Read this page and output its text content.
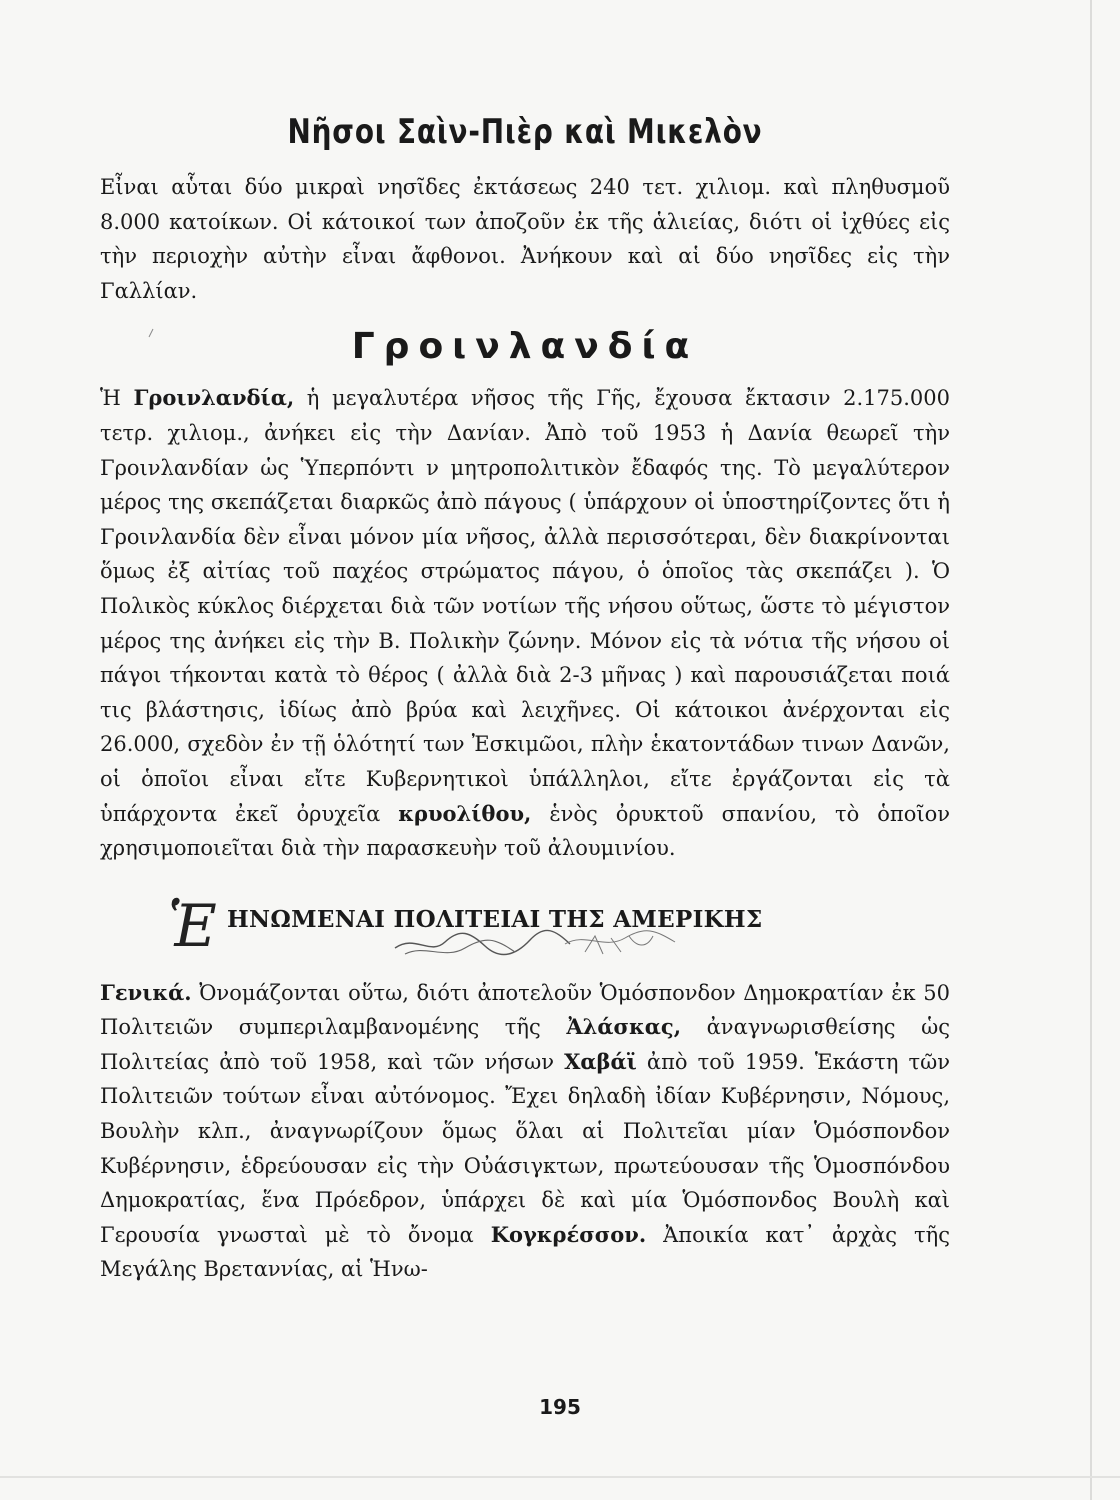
Νῆσοι Σαὶν-Πιὲρ καὶ Μικελὸν

Εἶναι αὗται δύο μικραὶ νησῖδες ἐκτάσεως 240 τετ. χιλιομ. καὶ πληθυσμοῦ 8.000 κατοίκων. Οἱ κάτοικοί των ἀποζοῦν ἐκ τῆς ἁλιείας, διότι οἱ ἰχθύες εἰς τὴν περιοχὴν αὐτὴν εἶναι ἄφθονοι. Ἀνήκουν καὶ αἱ δύο νησῖδες εἰς τὴν Γαλλίαν.

Γροινλανδία

Ἡ Γροινλανδία, ἡ μεγαλυτέρα νῆσος τῆς Γῆς, ἔχουσα ἔκτασιν 2.175.000 τετρ. χιλιομ., ἀνήκει εἰς τὴν Δανίαν. Ἀπὸ τοῦ 1953 ἡ Δανία θεωρεῖ τὴν Γροινλανδίαν ὡς Ὑπερπόντι ν μητροπολιτικὸν ἔδαφός της. Τὸ μεγαλύτερον μέρος της σκεπάζεται διαρκῶς ἀπὸ πάγους ( ὑπάρχουν οἱ ὑποστηρίζοντες ὅτι ἡ Γροινλανδία δὲν εἶναι μόνον μία νῆσος, ἀλλὰ περισσότεραι, δὲν διακρίνονται ὅμως ἐξ αἰτίας τοῦ παχέος στρώματος πάγου, ὁ ὁποῖος τὰς σκεπάζει ). Ὁ Πολικὸς κύκλος διέρχεται διὰ τῶν νοτίων τῆς νήσου οὕτως, ὥστε τὸ μέγιστον μέρος της ἀνήκει εἰς τὴν Β. Πολικὴν ζώνην. Μόνον εἰς τὰ νότια τῆς νήσου οἱ πάγοι τήκονται κατὰ τὸ θέρος ( ἀλλὰ διὰ 2-3 μῆνας ) καὶ παρουσιάζεται ποιά τις βλάστησις, ἰδίως ἀπὸ βρύα καὶ λειχῆνες. Οἱ κάτοικοι ἀνέρχονται εἰς 26.000, σχεδὸν ἐν τῇ ὁλότητί των Ἐσκιμῶοι, πλὴν ἑκατοντάδων τινων Δανῶν, οἱ ὁποῖοι εἶναι εἴτε Κυβερνητικοὶ ὑπάλληλοι, εἴτε ἐργάζονται εἰς τὰ ὑπάρχοντα ἐκεῖ ὀρυχεῖα κρυολίθου, ἑνὸς ὀρυκτοῦ σπανίου, τὸ ὁποῖον χρησιμοποιεῖται διὰ τὴν παρασκευὴν τοῦ ἀλουμινίου.

Ἑ ΗΝΩΜΕΝΑΙ ΠΟΛΙΤΕΙΑΙ ΤΗΣ ΑΜΕΡΙΚΗΣ

Γενικά. Ὀνομάζονται οὕτω, διότι ἀποτελοῦν Ὁμόσπονδον Δημοκρατίαν ἐκ 50 Πολιτειῶν συμπεριλαμβανομένης τῆς Ἀλάσκας, ἀναγνωρισθείσης ὡς Πολιτείας ἀπὸ τοῦ 1958, καὶ τῶν νήσων Χαβάϊ ἀπὸ τοῦ 1959. Ἑκάστη τῶν Πολιτειῶν τούτων εἶναι αὐτόνομος. Ἔχει δηλαδὴ ἰδίαν Κυβέρνησιν, Νόμους, Βουλὴν κλπ., ἀναγνωρίζουν ὅμως ὅλαι αἱ Πολιτεῖαι μίαν Ὁμόσπονδον Κυβέρνησιν, ἑδρεύουσαν εἰς τὴν Οὐάσιγκτων, πρωτεύουσαν τῆς Ὁμοσπόνδου Δημοκρατίας, ἕνα Πρόεδρον, ὑπάρχει δὲ καὶ μία Ὁμόσπονδος Βουλὴ καὶ Γερουσία γνωσταὶ μὲ τὸ ὄνομα Κογκρέσσον. Ἀποικία κατ᾽ ἀρχὰς τῆς Μεγάλης Βρεταννίας, αἱ Ἡνω-

195
